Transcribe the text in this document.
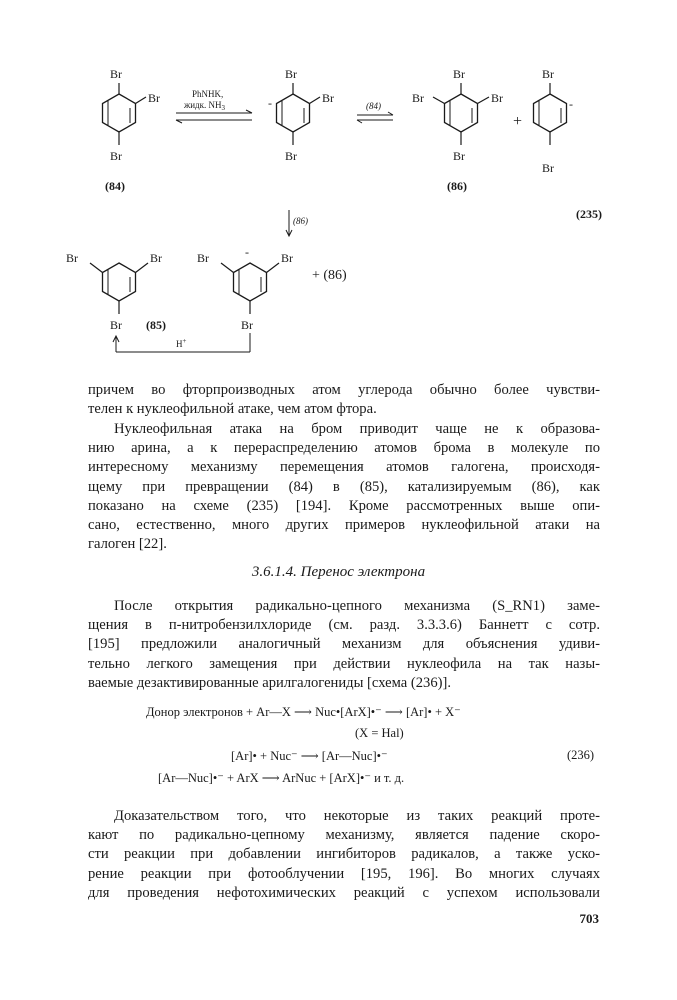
Br
Br
Br
(84)
PhNHK,
жидк. $NH_3$
Br
Br
Br
-	(84)
Br
Br
Br
Br
(86)
+
Br
Br
-
(235)
(86)
Br	Br
Br (85)
Br	Br
Br
-
+ (86)
H+

причем во фторпроизводных атом углерода обычно более чувстви-
телен к нуклеофильной атаке, чем атом фтора.

Нуклеофильная атака на бром приводит чаще не к образова-
нию арина, а к перераспределению атомов брома в молекуле по
интересному механизму перемещения атомов галогена, происходя-
щему при превращении (84) в (85), катализируемым (86), как
показано на схеме (235) [194]. Кроме рассмотренных выше опи-
сано, естественно, много других примеров нуклеофильной атаки на
галоген [22].

3.6.1.4. Перенос электрона

После открытия радикально-цепного механизма (S_RN1) заме-
щения в п-нитробензилхлориде (см. разд. 3.3.3.6) Баннетт с сотр.
[195] предложили аналогичный механизм для объяснения удиви-
тельно легкого замещения при действии нуклеофила на так назы-
ваемые дезактивированные арилгалогениды [схема (236)].

Донор электронов + Ar—X ⟶ Nuc•[ArX]•⁻ ⟶ [Ar]• + X⁻
(X = Hal)
[Ar]• + Nuc⁻ ⟶ [Ar—Nuc]•⁻	(236)
[Ar—Nuc]•⁻ + ArX ⟶ ArNuc + [ArX]•⁻ и т. д.

Доказательством того, что некоторые из таких реакций проте-
кают по радикально-цепному механизму, является падение скоро-
сти реакции при добавлении ингибиторов радикалов, а также уско-
рение реакции при фотооблучении [195, 196]. Во многих случаях
для проведения нефотохимических реакций с успехом использовали

703
